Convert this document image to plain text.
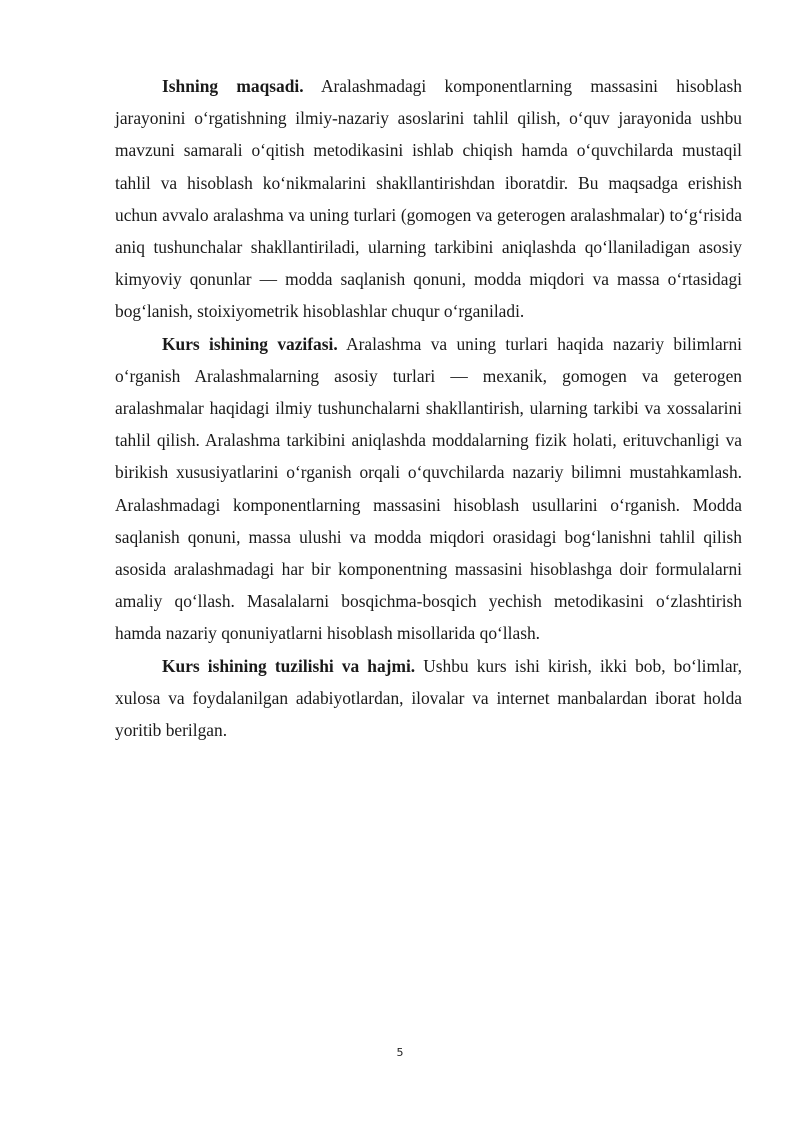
Ishning maqsadi. Aralashmadagi komponentlarning massasini hisoblash jarayonini o‘rgatishning ilmiy-nazariy asoslarini tahlil qilish, o‘quv jarayonida ushbu mavzuni samarali o‘qitish metodikasini ishlab chiqish hamda o‘quvchilarda mustaqil tahlil va hisoblash ko‘nikmalarini shakllantirishdan iboratdir. Bu maqsadga erishish uchun avvalo aralashma va uning turlari (gomogen va geterogen aralashmalar) to‘g‘risida aniq tushunchalar shakllantiriladi, ularning tarkibini aniqlashda qo‘llaniladigan asosiy kimyoviy qonunlar — modda saqlanish qonuni, modda miqdori va massa o‘rtasidagi bog‘lanish, stoixiyometrik hisoblashlar chuqur o‘rganiladi.

Kurs ishining vazifasi. Aralashma va uning turlari haqida nazariy bilimlarni o‘rganish Aralashmalarning asosiy turlari — mexanik, gomogen va geterogen aralashmalar haqidagi ilmiy tushunchalarni shakllantirish, ularning tarkibi va xossalarini tahlil qilish. Aralashma tarkibini aniqlashda moddalarning fizik holati, erituvchanligi va birikish xususiyatlarini o‘rganish orqali o‘quvchilarda nazariy bilimni mustahkamlash. Aralashmadagi komponentlarning massasini hisoblash usullarini o‘rganish. Modda saqlanish qonuni, massa ulushi va modda miqdori orasidagi bog‘lanishni tahlil qilish asosida aralashmadagi har bir komponentning massasini hisoblashga doir formulalarni amaliy qo‘llash. Masalalarni bosqichma-bosqich yechish metodikasini o‘zlashtirish hamda nazariy qonuniyatlarni hisoblash misollarida qo‘llash.

Kurs ishining tuzilishi va hajmi. Ushbu kurs ishi kirish, ikki bob, bo‘limlar, xulosa va foydalanilgan adabiyotlardan, ilovalar va internet manbalardan iborat holda yoritib berilgan.

5
